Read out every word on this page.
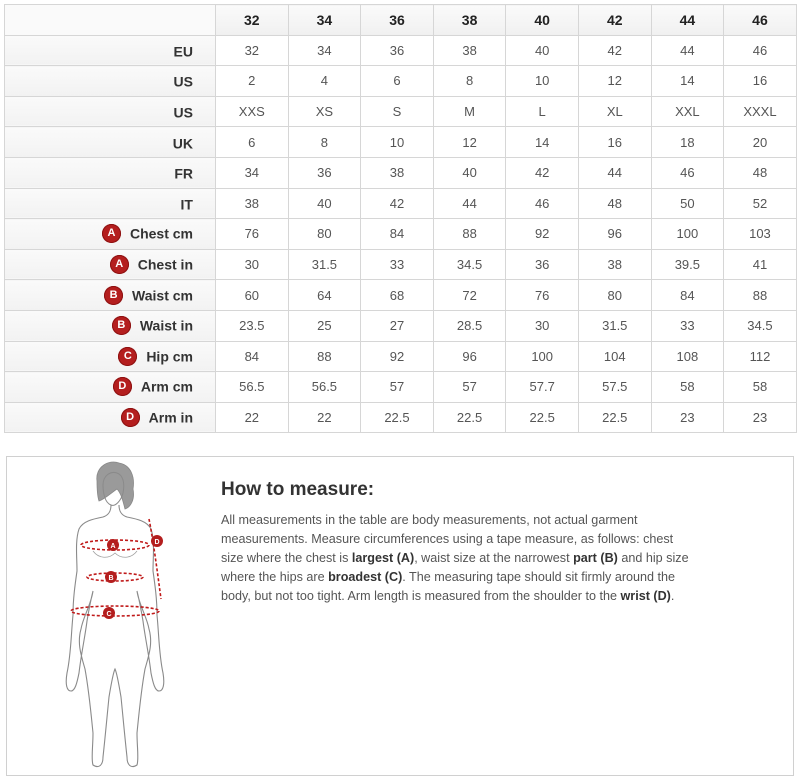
	32	34	36	38	40	42	44	46
EU	32	34	36	38	40	42	44	46
US	2	4	6	8	10	12	14	16
US	XXS	XS	S	M	L	XL	XXL	XXXL
UK	6	8	10	12	14	16	18	20
FR	34	36	38	40	42	44	46	48
IT	38	40	42	44	46	48	50	52
A Chest cm	76	80	84	88	92	96	100	103
A Chest in	30	31.5	33	34.5	36	38	39.5	41
B Waist cm	60	64	68	72	76	80	84	88
B Waist in	23.5	25	27	28.5	30	31.5	33	34.5
C Hip cm	84	88	92	96	100	104	108	112
D Arm cm	56.5	56.5	57	57	57.7	57.5	58	58
D Arm in	22	22	22.5	22.5	22.5	22.5	23	23
A
B
C
D
How to measure:

All measurements in the table are body measurements, not actual garment measurements. Measure circumferences using a tape measure, as follows: chest size where the chest is largest (A), waist size at the narrowest part (B) and hip size where the hips are broadest (C). The measuring tape should sit firmly around the body, but not too tight. Arm length is measured from the shoulder to the wrist (D).
